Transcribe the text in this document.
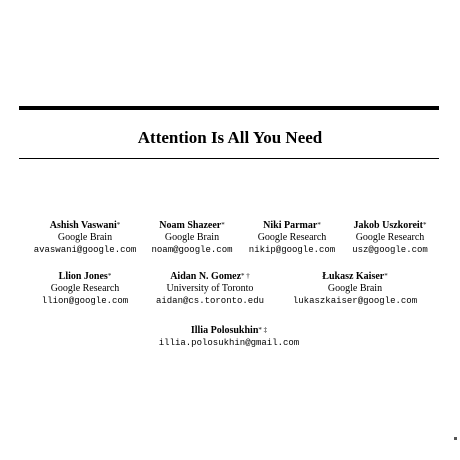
Attention Is All You Need
Ashish Vaswani*
Google Brain
avaswani@google.com
Noam Shazeer*
Google Brain
noam@google.com
Niki Parmar*
Google Research
nikip@google.com
Jakob Uszkoreit*
Google Research
usz@google.com
Llion Jones*
Google Research
llion@google.com
Aidan N. Gomez* †
University of Toronto
aidan@cs.toronto.edu
Łukasz Kaiser*
Google Brain
lukaszkaiser@google.com
Illia Polosukhin* ‡
illia.polosukhin@gmail.com
